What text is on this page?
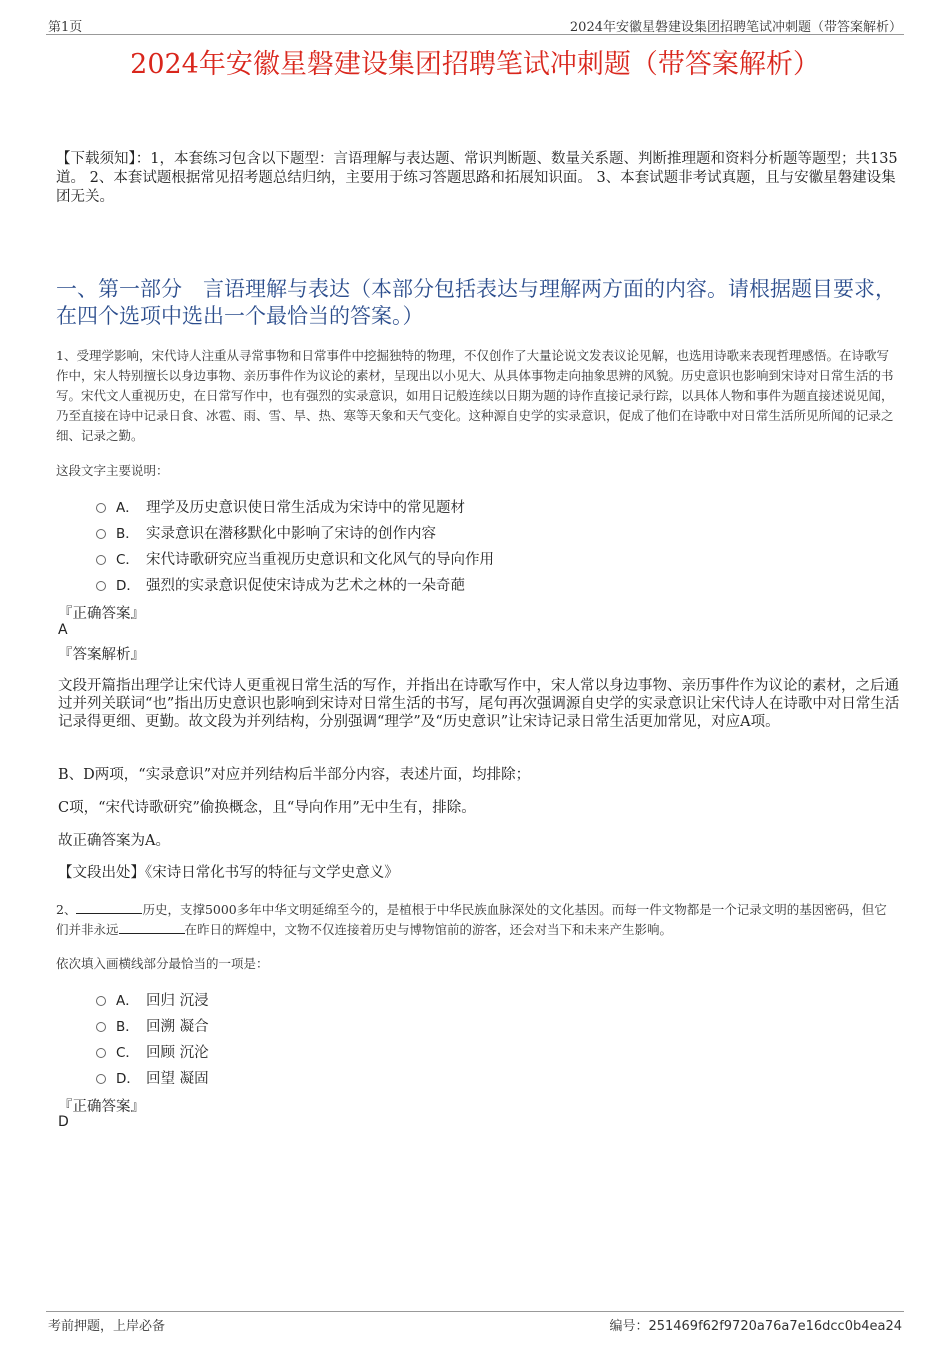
第1页	2024年安徽星磐建设集团招聘笔试冲刺题（带答案解析）
2024年安徽星磐建设集团招聘笔试冲刺题（带答案解析）
【下载须知】：1，本套练习包含以下题型：言语理解与表达题、常识判断题、数量关系题、判断推理题和资料分析题等题型；共135道。 2、本套试题根据常见招考题总结归纳，主要用于练习答题思路和拓展知识面。 3、本套试题非考试真题，且与安徽星磐建设集团无关。
一、第一部分　言语理解与表达（本部分包括表达与理解两方面的内容。请根据题目要求，在四个选项中选出一个最恰当的答案。）
1、受理学影响，宋代诗人注重从寻常事物和日常事件中挖掘独特的物理，不仅创作了大量论说文发表议论见解，也选用诗歌来表现哲理感悟。在诗歌写作中，宋人特别擅长以身边事物、亲历事件作为议论的素材，呈现出以小见大、从具体事物走向抽象思辨的风貌。历史意识也影响到宋诗对日常生活的书写。宋代文人重视历史，在日常写作中，也有强烈的实录意识，如用日记般连续以日期为题的诗作直接记录行踪，以具体人物和事件为题直接述说见闻，乃至直接在诗中记录日食、冰雹、雨、雪、旱、热、寒等天象和天气变化。这种源自史学的实录意识，促成了他们在诗歌中对日常生活所见所闻的记录之细、记录之勤。
这段文字主要说明：
A． 理学及历史意识使日常生活成为宋诗中的常见题材
B． 实录意识在潜移默化中影响了宋诗的创作内容
C． 宋代诗歌研究应当重视历史意识和文化风气的导向作用
D． 强烈的实录意识促使宋诗成为艺术之林的一朵奇葩
『正确答案』
A
『答案解析』
文段开篇指出理学让宋代诗人更重视日常生活的写作，并指出在诗歌写作中，宋人常以身边事物、亲历事件作为议论的素材，之后通过并列关联词“也”指出历史意识也影响到宋诗对日常生活的书写，尾句再次强调源自史学的实录意识让宋代诗人在诗歌中对日常生活记录得更细、更勤。故文段为并列结构，分别强调“理学”及“历史意识”让宋诗记录日常生活更加常见，对应A项。
B、D两项，“实录意识”对应并列结构后半部分内容，表述片面，均排除；
C项，“宋代诗歌研究”偷换概念，且“导向作用”无中生有，排除。
故正确答案为A。
【文段出处】《宋诗日常化书写的特征与文学史意义》
2、	历史，支撑5000多年中华文明延绵至今的，是植根于中华民族血脉深处的文化基因。而每一件文物都是一个记录文明的基因密码，但它们并非永远	在昨日的辉煌中，文物不仅连接着历史与博物馆前的游客，还会对当下和未来产生影响。
依次填入画横线部分最恰当的一项是：
A． 回归 沉浸
B． 回溯 凝合
C． 回顾 沉沦
D． 回望 凝固
『正确答案』
D
考前押题，上岸必备	编号：251469f62f9720a76a7e16dcc0b4ea24
